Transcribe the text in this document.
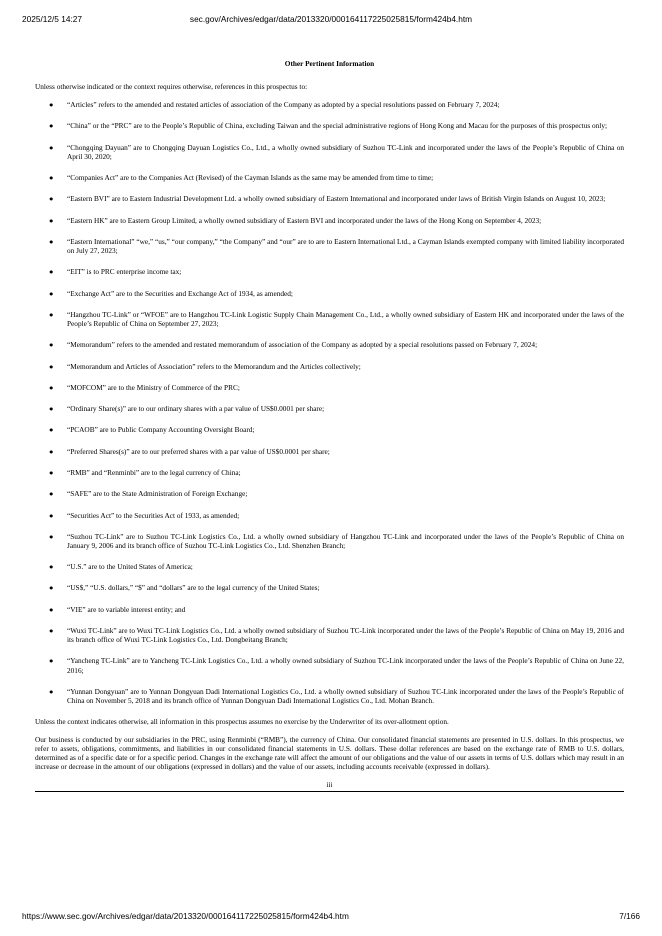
2025/12/5 14:27	sec.gov/Archives/edgar/data/2013320/000164117225025815/form424b4.htm
Other Pertinent Information
Unless otherwise indicated or the context requires otherwise, references in this prospectus to:
● “Articles” refers to the amended and restated articles of association of the Company as adopted by a special resolutions passed on February 7, 2024;
● “China” or the “PRC” are to the People’s Republic of China, excluding Taiwan and the special administrative regions of Hong Kong and Macau for the purposes of this prospectus only;
● “Chongqing Dayuan” are to Chongqing Dayuan Logistics Co., Ltd., a wholly owned subsidiary of Suzhou TC-Link and incorporated under the laws of the People’s Republic of China on April 30, 2020;
● “Companies Act” are to the Companies Act (Revised) of the Cayman Islands as the same may be amended from time to time;
● “Eastern BVI” are to Eastern Industrial Development Ltd. a wholly owned subsidiary of Eastern International and incorporated under laws of British Virgin Islands on August 10, 2023;
● “Eastern HK” are to Eastern Group Limited, a wholly owned subsidiary of Eastern BVI and incorporated under the laws of the Hong Kong on September 4, 2023;
● “Eastern International” “we,” “us,” “our company,” “the Company” and “our” are to are to Eastern International Ltd., a Cayman Islands exempted company with limited liability incorporated on July 27, 2023;
● “EIT” is to PRC enterprise income tax;
● “Exchange Act” are to the Securities and Exchange Act of 1934, as amended;
● “Hangzhou TC-Link” or “WFOE” are to Hangzhou TC-Link Logistic Supply Chain Management Co., Ltd., a wholly owned subsidiary of Eastern HK and incorporated under the laws of the People’s Republic of China on September 27, 2023;
● “Memorandum” refers to the amended and restated memorandum of association of the Company as adopted by a special resolutions passed on February 7, 2024;
● “Memorandum and Articles of Association” refers to the Memorandum and the Articles collectively;
● “MOFCOM” are to the Ministry of Commerce of the PRC;
● “Ordinary Share(s)” are to our ordinary shares with a par value of US$0.0001 per share;
● “PCAOB” are to Public Company Accounting Oversight Board;
● “Preferred Shares(s)” are to our preferred shares with a par value of US$0.0001 per share;
● “RMB” and “Renminbi” are to the legal currency of China;
● “SAFE” are to the State Administration of Foreign Exchange;
● “Securities Act” to the Securities Act of 1933, as amended;
● “Suzhou TC-Link” are to Suzhou TC-Link Logistics Co., Ltd. a wholly owned subsidiary of Hangzhou TC-Link and incorporated under the laws of the People’s Republic of China on January 9, 2006 and its branch office of Suzhou TC-Link Logistics Co., Ltd. Shenzhen Branch;
● “U.S.” are to the United States of America;
● “US$,” “U.S. dollars,” “$” and “dollars” are to the legal currency of the United States;
● “VIE” are to variable interest entity; and
● “Wuxi TC-Link” are to Wuxi TC-Link Logistics Co., Ltd. a wholly owned subsidiary of Suzhou TC-Link incorporated under the laws of the People’s Republic of China on May 19, 2016 and its branch office of Wuxi TC-Link Logistics Co., Ltd. Dongbeitang Branch;
● “Yancheng TC-Link” are to Yancheng TC-Link Logistics Co., Ltd. a wholly owned subsidiary of Suzhou TC-Link incorporated under the laws of the People’s Republic of China on June 22, 2016;
● “Yunnan Dongyuan” are to Yunnan Dongyuan Dadi International Logistics Co., Ltd. a wholly owned subsidiary of Suzhou TC-Link incorporated under the laws of the People’s Republic of China on November 5, 2018 and its branch office of Yunnan Dongyuan Dadi International Logistics Co., Ltd. Mohan Branch.
Unless the context indicates otherwise, all information in this prospectus assumes no exercise by the Underwriter of its over-allotment option.
Our business is conducted by our subsidiaries in the PRC, using Renminbi (“RMB”), the currency of China. Our consolidated financial statements are presented in U.S. dollars. In this prospectus, we refer to assets, obligations, commitments, and liabilities in our consolidated financial statements in U.S. dollars. These dollar references are based on the exchange rate of RMB to U.S. dollars, determined as of a specific date or for a specific period. Changes in the exchange rate will affect the amount of our obligations and the value of our assets in terms of U.S. dollars which may result in an increase or decrease in the amount of our obligations (expressed in dollars) and the value of our assets, including accounts receivable (expressed in dollars).
iii
https://www.sec.gov/Archives/edgar/data/2013320/000164117225025815/form424b4.htm	7/166
